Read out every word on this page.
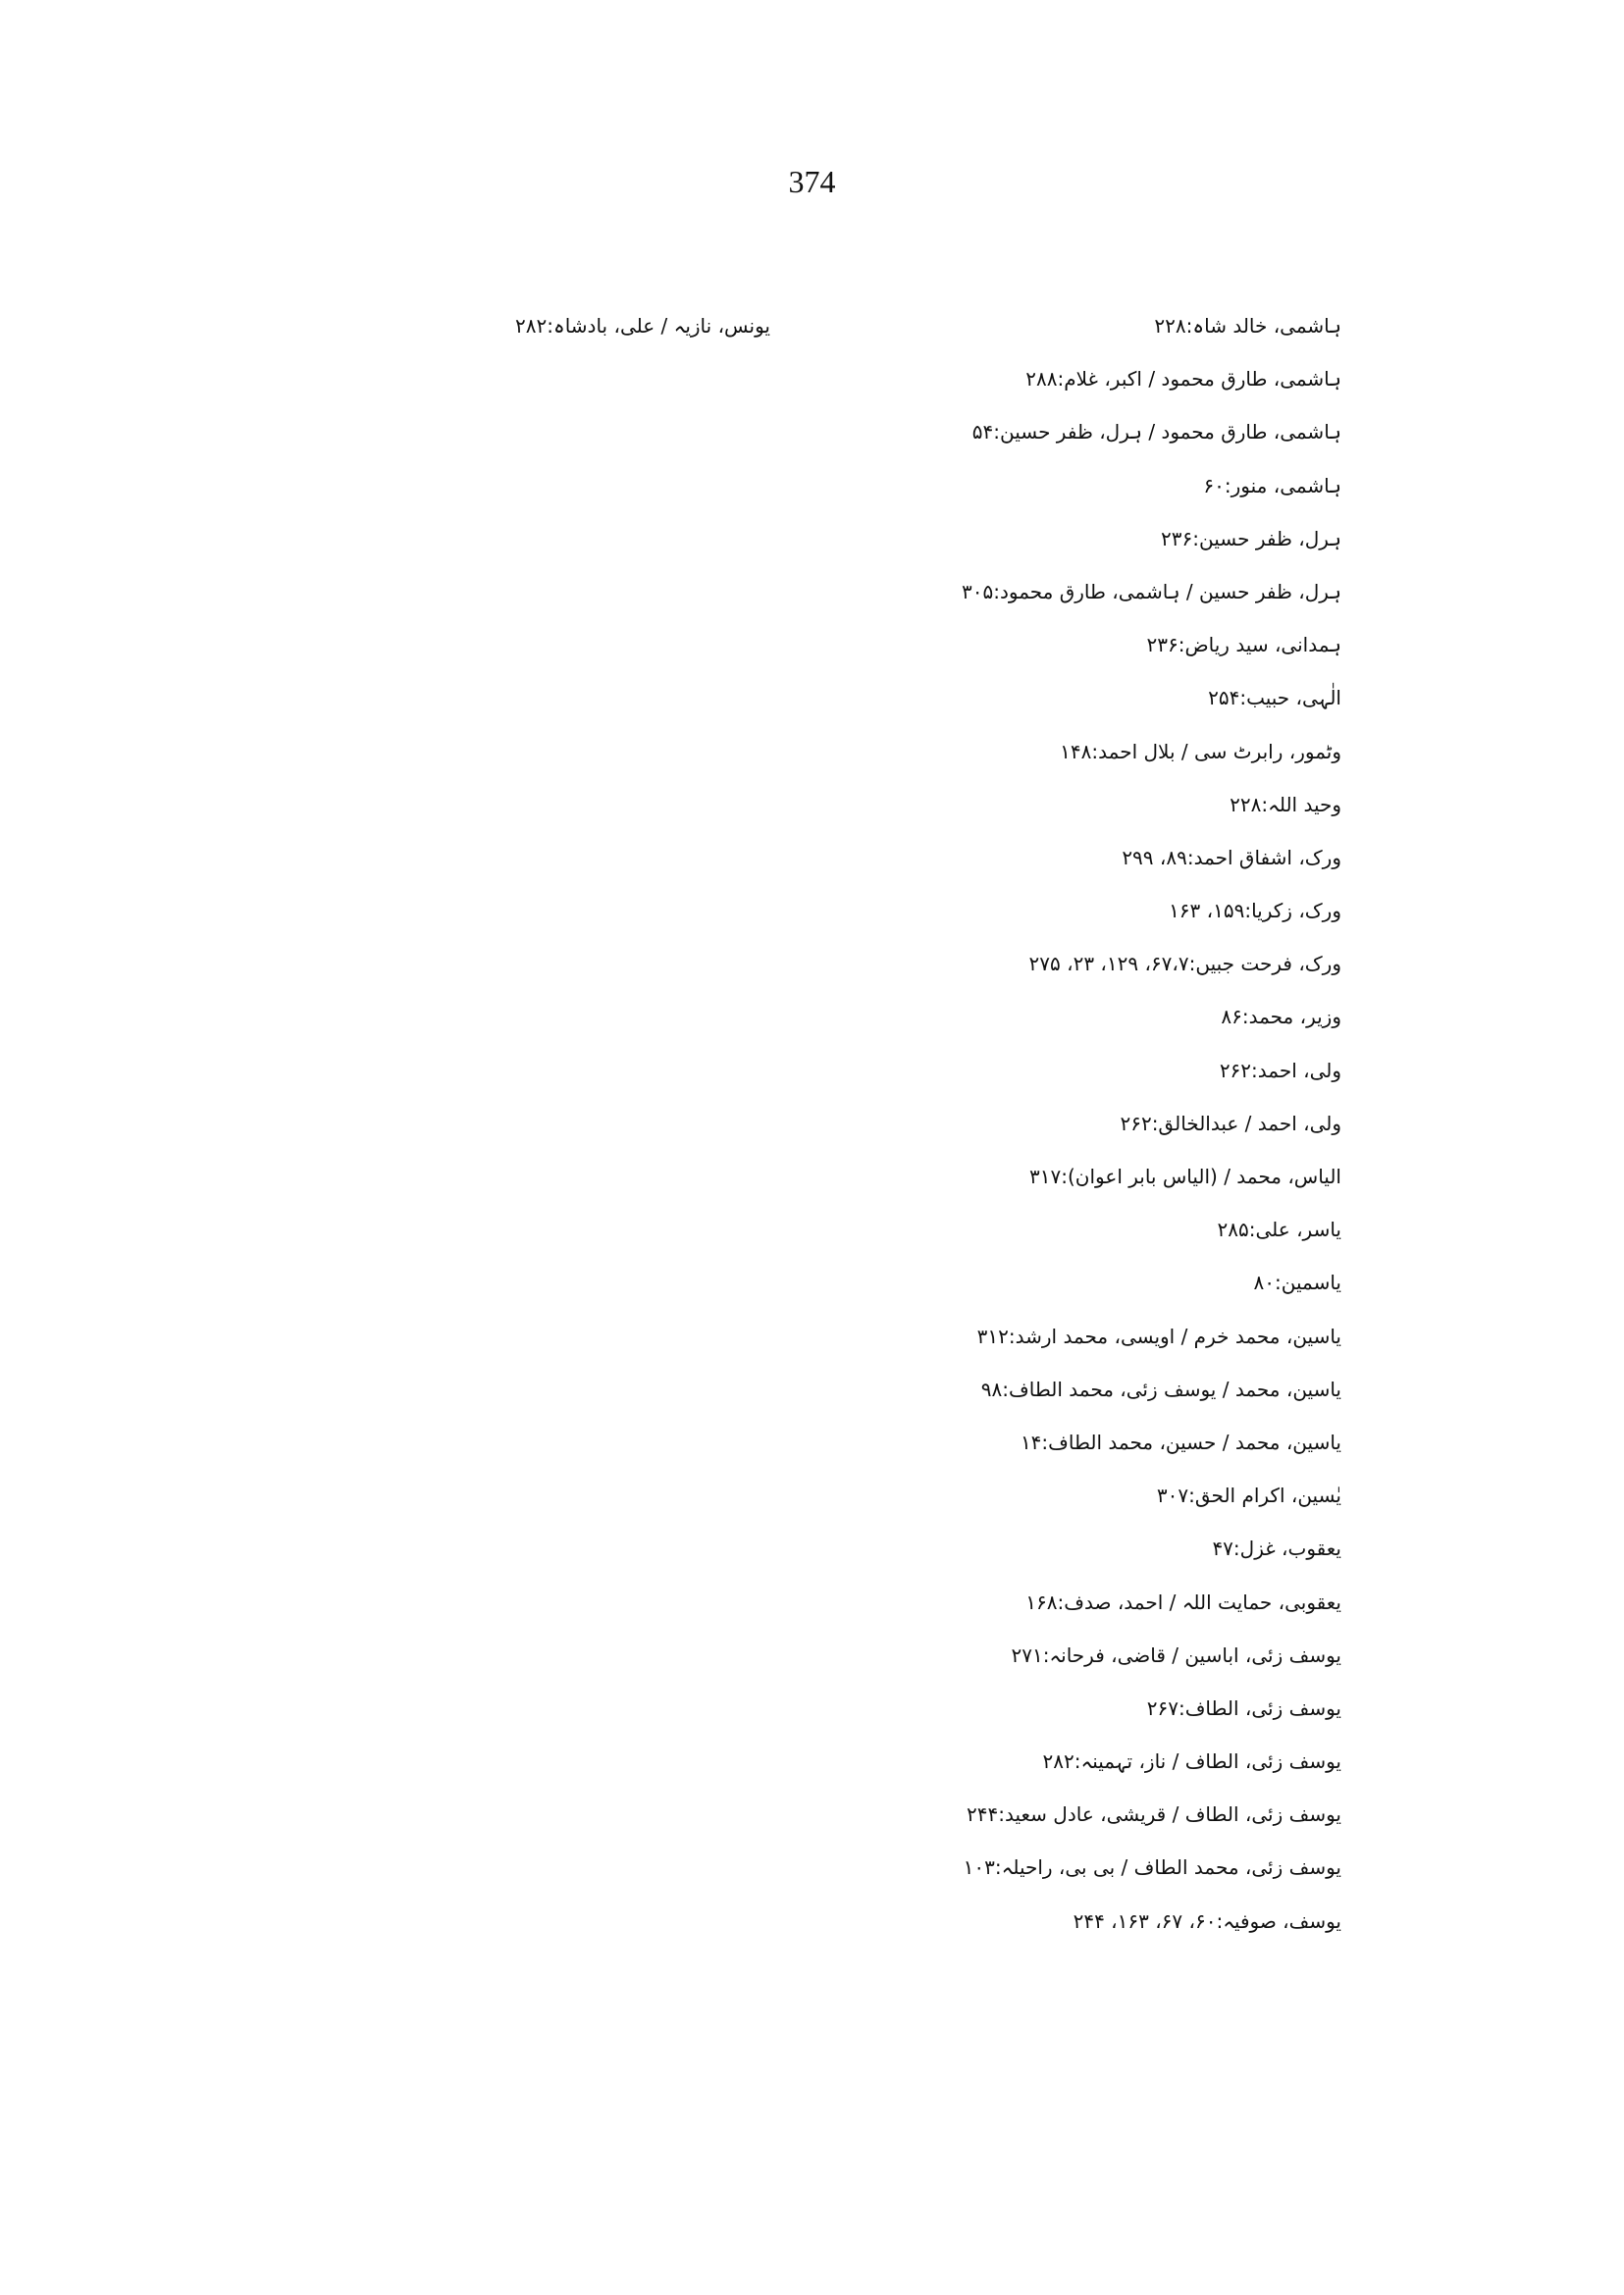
374
ہاشمی، خالد شاہ:۲۲۸
ہاشمی، طارق محمود / اکبر، غلام:۲۸۸
ہاشمی، طارق محمود / ہرل، ظفر حسین:۵۴
ہاشمی، منور:۶۰
ہرل، ظفر حسین:۲۳۶
ہرل، ظفر حسین / ہاشمی، طارق محمود:۳۰۵
ہمدانی، سید ریاض:۲۳۶
الٰہی، حبیب:۲۵۴
وٹمور، رابرٹ سی / بلال احمد:۱۴۸
وحید اللہ:۲۲۸
ورک، اشفاق احمد:۸۹، ۲۹۹
ورک، زکریا:۱۵۹، ۱۶۳
ورک، فرحت جبیں:۶۷،۷، ۱۲۹، ۲۳، ۲۷۵
وزیر، محمد:۸۶
ولی، احمد:۲۶۲
ولی، احمد / عبدالخالق:۲۶۲
الیاس، محمد / (الیاس بابر اعوان):۳۱۷
یاسر، علی:۲۸۵
یاسمین:۸۰
یاسین، محمد خرم / اویسی، محمد ارشد:۳۱۲
یاسین، محمد / یوسف زئی، محمد الطاف:۹۸
یاسین، محمد / حسین، محمد الطاف:۱۴
یٰسین، اکرام الحق:۳۰۷
یعقوب، غزل:۴۷
یعقوبی، حمایت اللہ / احمد، صدف:۱۶۸
یوسف زئی، اباسین / قاضی، فرحانہ:۲۷۱
یوسف زئی، الطاف:۲۶۷
یوسف زئی، الطاف / ناز، تہمینہ:۲۸۲
یوسف زئی، الطاف / قریشی، عادل سعید:۲۴۴
یوسف زئی، محمد الطاف / بی بی، راحیلہ:۱۰۳
یوسف، صوفیہ:۶۰، ۶۷، ۱۶۳، ۲۴۴
یونس، نازیہ / علی، بادشاہ:۲۸۲
